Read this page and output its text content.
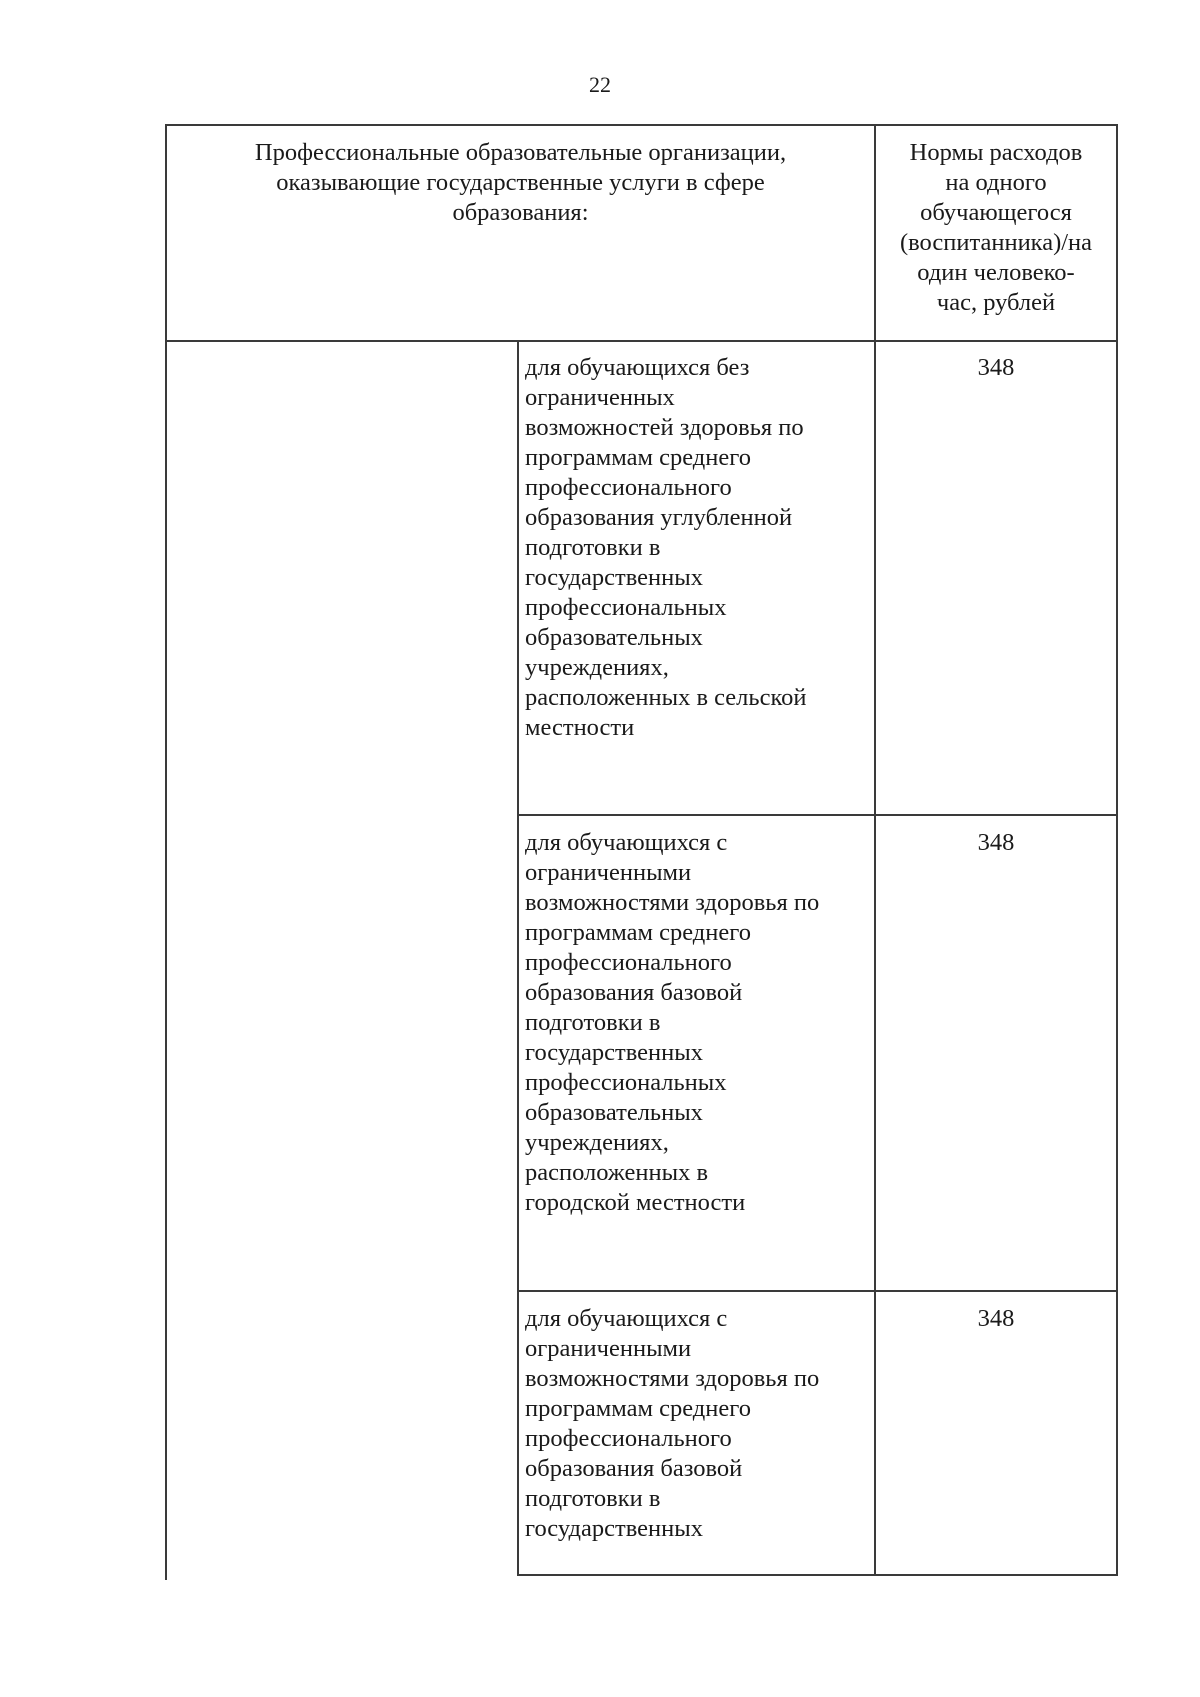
22
Профессиональные образовательные организации,
оказывающие государственные услуги в сфере
образования:
Нормы расходов
на одного
обучающегося
(воспитанника)/на
один человеко-
час, рублей
для обучающихся без
ограниченных
возможностей здоровья по
программам среднего
профессионального
образования углубленной
подготовки в
государственных
профессиональных
образовательных
учреждениях,
расположенных в сельской
местности
348
для обучающихся с
ограниченными
возможностями здоровья по
программам среднего
профессионального
образования базовой
подготовки в
государственных
профессиональных
образовательных
учреждениях,
расположенных в
городской местности
348
для обучающихся с
ограниченными
возможностями здоровья по
программам среднего
профессионального
образования базовой
подготовки в
государственных
348
